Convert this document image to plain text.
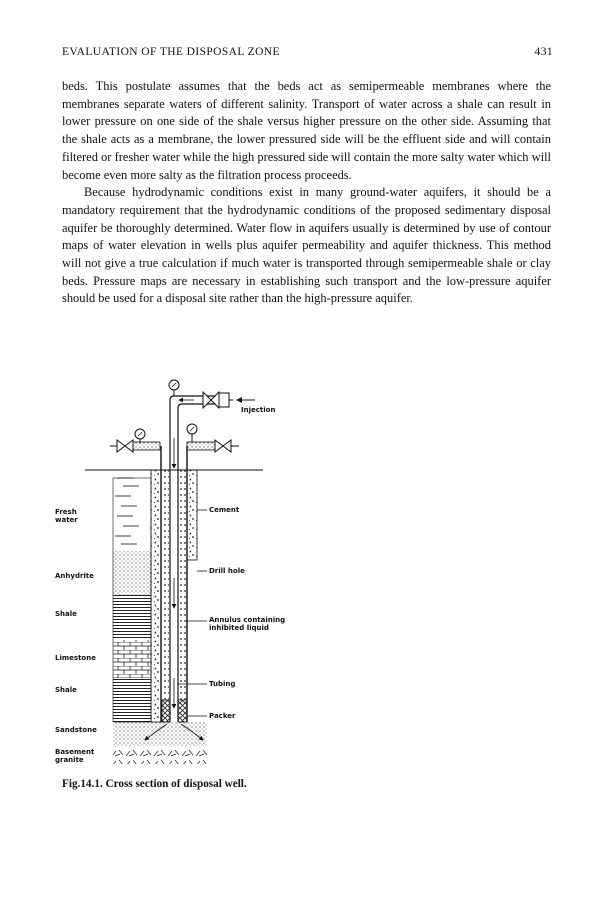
EVALUATION OF THE DISPOSAL ZONE	431

beds. This postulate assumes that the beds act as semipermeable membranes where the membranes separate waters of different salinity. Transport of water across a shale can result in lower pressure on one side of the shale versus higher pressure on the other side. Assuming that the shale acts as a membrane, the lower pressured side will be the effluent side and will contain filtered or fresher water while the high pressured side will contain the more salty water which will become even more salty as the filtration process proceeds.

Because hydrodynamic conditions exist in many ground-water aquifers, it should be a mandatory requirement that the hydrodynamic conditions of the proposed sedimentary disposal aquifer be thoroughly determined. Water flow in aquifers usually is determined by use of contour maps of water elevation in wells plus aquifer permeability and aquifer thickness. This method will not give a true calculation if much water is transported through semipermeable shale or clay beds. Pressure maps are necessary in establishing such transport and the low-pressure aquifer should be used for a disposal site rather than the high-pressure aquifer.

Injection
Fresh
water
Cement
Drill hole
Anhydrite
Shale
Annulus containing
inhibited liquid
Limestone
Tubing
Shale
Packer
Sandstone
Basement
granite
Fig.14.1. Cross section of disposal well.
